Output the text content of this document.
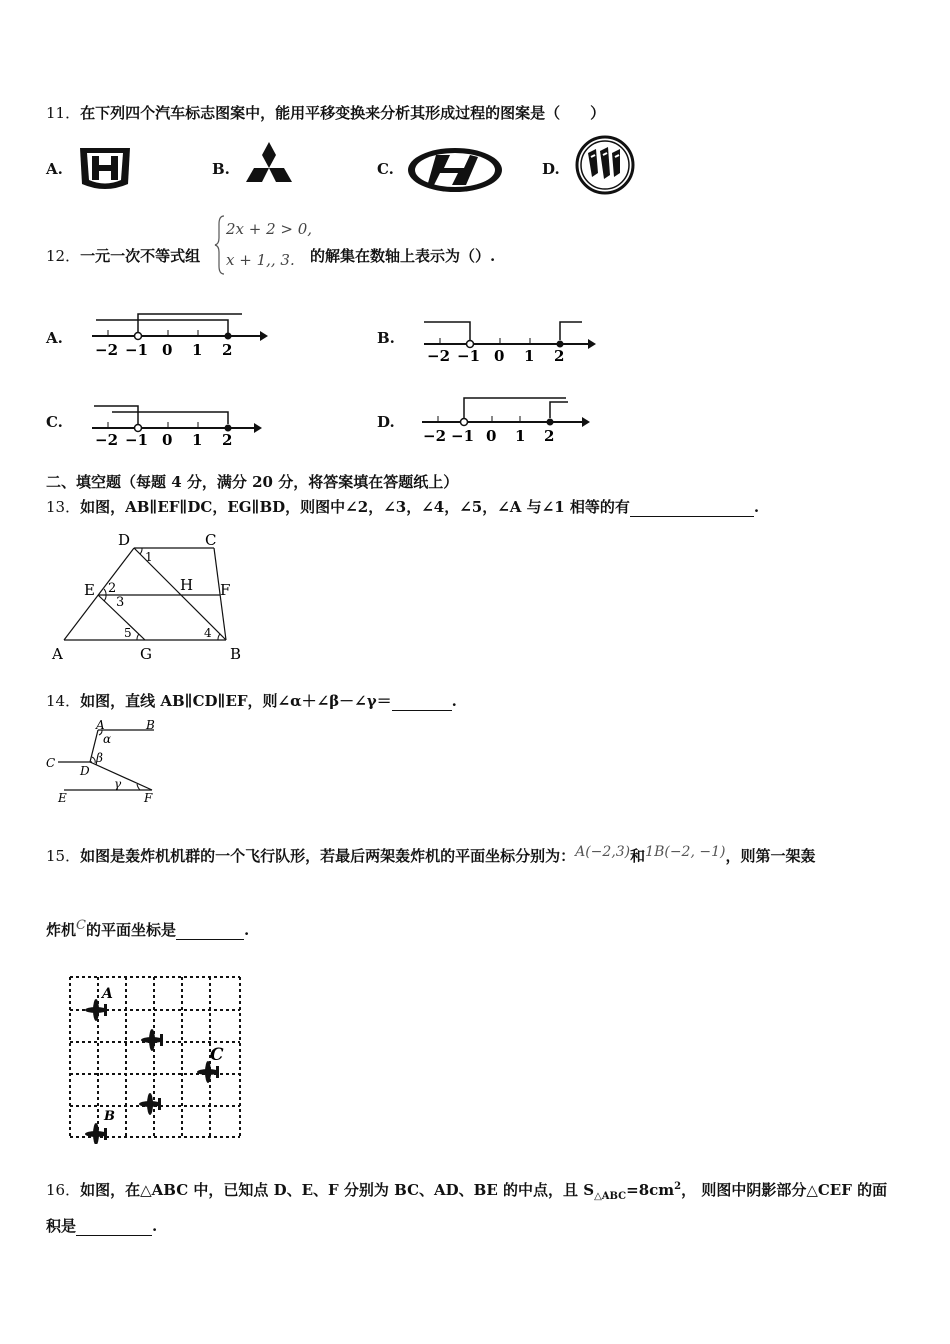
11．在下列四个汽车标志图案中，能用平移变换来分析其形成过程的图案是（　　）
A.	B.	C.	D.
12．一元一次不等式组
2x + 2 > 0,
x + 1,, 3. 的解集在数轴上表示为（）.
A.
−2 −1 0 1 2
B.
−2 −1 0 1 2
C.
−2 −1 0 1 2
D.
−2 −1 0 1 2
二、填空题（每题 4 分，满分 20 分，将答案填在答题纸上）
13．如图，AB∥EF∥DC，EG∥BD，则图中∠2，∠3，∠4，∠5，∠A 与∠1 相等的有	.
D	C
E	F
H
A	G	B
1
2
3
5	4
14．如图，直线 AB∥CD∥EF，则∠α＋∠β－∠γ＝	.
A	B
C
D
E	F
α
β
γ
15．如图是轰炸机机群的一个飞行队形，若最后两架轰炸机的平面坐标分别为：A(−2,3)和1B(−2, −1)，则第一架轰
炸机C的平面坐标是	.
A
C
B
16．如图，在△ABC 中，已知点 D、E、F 分别为 BC、AD、BE 的中点，且 $S_{\triangle ABC}=8cm^2$， 则图中阴影部分△CEF 的面
积是	.
